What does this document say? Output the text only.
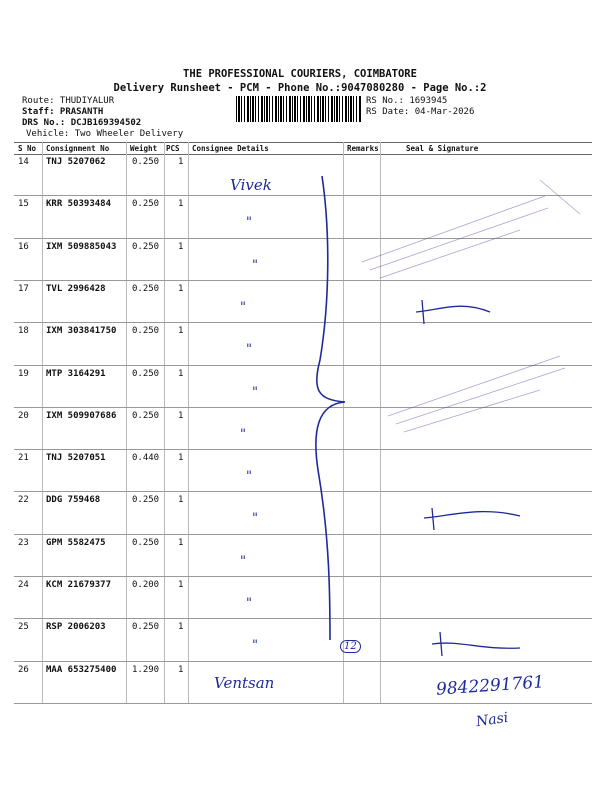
THE PROFESSIONAL COURIERS, COIMBATORE
Delivery Runsheet - PCM - Phone No.:9047080280 - Page No.:2
Route: THUDIYALUR
Staff: PRASANTH
DRS No.: DCJB169394502
Vehicle: Two Wheeler Delivery
RS No.: 1693945
RS Date: 04-Mar-2026
S No Consignment No	Weight PCS Consignee Details	Remarks	Seal & Signature
14 TNJ 5207062	0.250 1
15 KRR 50393484 0.250 1
16 IXM 509885043 0.250 1
17 TVL 2996428	0.250 1
18 IXM 303841750 0.250 1
19 MTP 3164291	0.250 1
20 IXM 509907686 0.250 1
21 TNJ 5207051	0.440 1
22 DDG 759468	0.250 1
23 GPM 5582475	0.250 1
24 KCM 21679377 0.200 1
25 RSP 2006203	0.250 1
26 MAA 653275400 1.290 1
Vivek
"
"
"
"
"
"
"
"
"
"
"
Ventsan
12
9842291761
Nasi
